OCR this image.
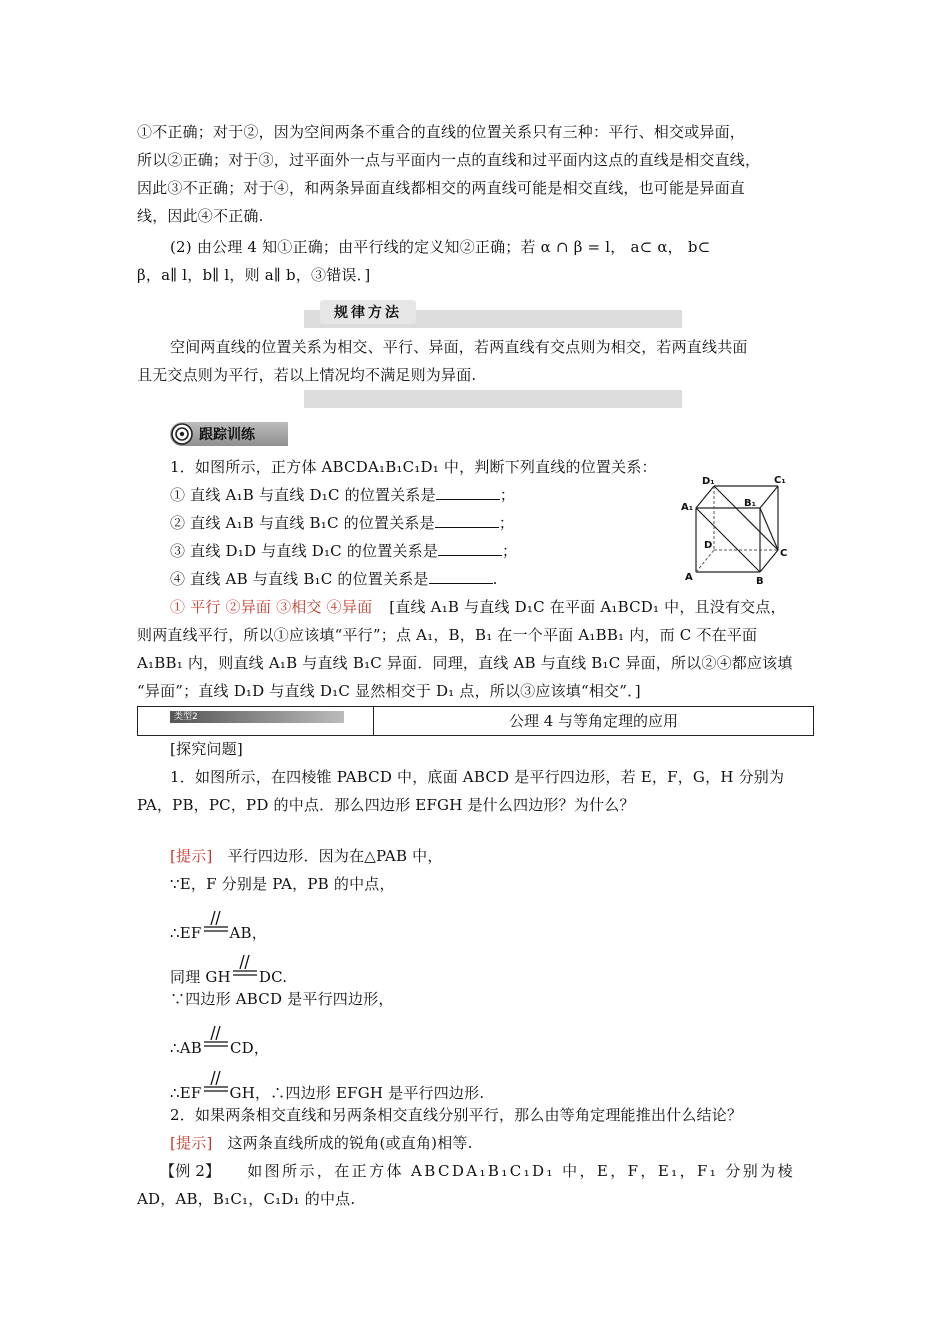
①不正确；对于②，因为空间两条不重合的直线的位置关系只有三种：平行、相交或异面，
所以②正确；对于③，过平面外一点与平面内一点的直线和过平面内这点的直线是相交直线，
因此③不正确；对于④，和两条异面直线都相交的两直线可能是相交直线，也可能是异面直
线，因此④不正确.
(2) 由公理 4 知①正确；由平行线的定义知②正确；若 α ∩ β = l， a⊂ α， b⊂
β，a∥ l，b∥ l，则 a∥ b，③错误．]
规律方法
空间两直线的位置关系为相交、平行、异面，若两直线有交点则为相交，若两直线共面
且无交点则为平行，若以上情况均不满足则为异面.
跟踪训练
1．如图所示，正方体 ABCDA₁B₁C₁D₁ 中，判断下列直线的位置关系：
① 直线 A₁B 与直线 D₁C 的位置关系是	；
② 直线 A₁B 与直线 B₁C 的位置关系是	；
③ 直线 D₁D 与直线 D₁C 的位置关系是	；
④ 直线 AB 与直线 B₁C 的位置关系是	.
D₁	C₁
A₁	B₁
D
C
A	B
① 平行 ②异面 ③相交 ④异面 [直线 A₁B 与直线 D₁C 在平面 A₁BCD₁ 中，且没有交点，
则两直线平行，所以①应该填“平行”；点 A₁，B，B₁ 在一个平面 A₁BB₁ 内，而 C 不在平面
A₁BB₁ 内，则直线 A₁B 与直线 B₁C 异面．同理，直线 AB 与直线 B₁C 异面，所以②④都应该填
“异面”；直线 D₁D 与直线 D₁C 显然相交于 D₁ 点，所以③应该填“相交”．]
类型2	公理 4 与等角定理的应用
[探究问题]
1．如图所示，在四棱锥 PABCD 中，底面 ABCD 是平行四边形，若 E，F，G，H 分别为
PA，PB，PC，PD 的中点．那么四边形 EFGH 是什么四边形？为什么？
[提示] 平行四边形．因为在△PAB 中，
∵E，F 分别是 PA，PB 的中点，
∴EF AB，
同理 GH DC.
∵四边形 ABCD 是平行四边形，
∴AB CD，
∴EF GH，∴四边形 EFGH 是平行四边形.
2．如果两条相交直线和另两条相交直线分别平行，那么由等角定理能推出什么结论？
[提示] 这两条直线所成的锐角(或直角)相等.
【例 2】 如图所示，在正方体 ABCDA₁B₁C₁D₁ 中，E，F，E₁，F₁ 分别为棱
AD，AB，B₁C₁，C₁D₁ 的中点.
